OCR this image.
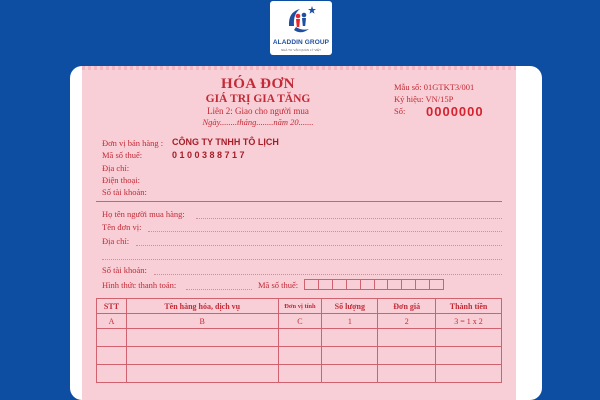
ALADDIN GROUP
NHÀ TƯ VẤN QUẢN LÝ VIỆT
HÓA ĐƠN
GIÁ TRỊ GIA TĂNG
Liên 2: Giao cho người mua
Ngày........tháng........năm 20.......
Mẫu số: 01GTKT3/001
Ký hiệu: VN/15P
Số:	0000000
Đơn vị bán hàng : CÔNG TY TNHH TÔ LỊCH
Mã số thuế:	0100388717
Địa chỉ:
Điện thoại:
Số tài khoản:
Họ tên người mua hàng:
Tên đơn vị:
Địa chỉ:
Số tài khoản:
Hình thức thanh toán:	Mã số thuế:
STT	Tên hàng hóa, dịch vụ	Đơn vị tính	Số lượng	Đơn giá	Thành tiền
A	B	C	1	2	3 = 1 x 2
